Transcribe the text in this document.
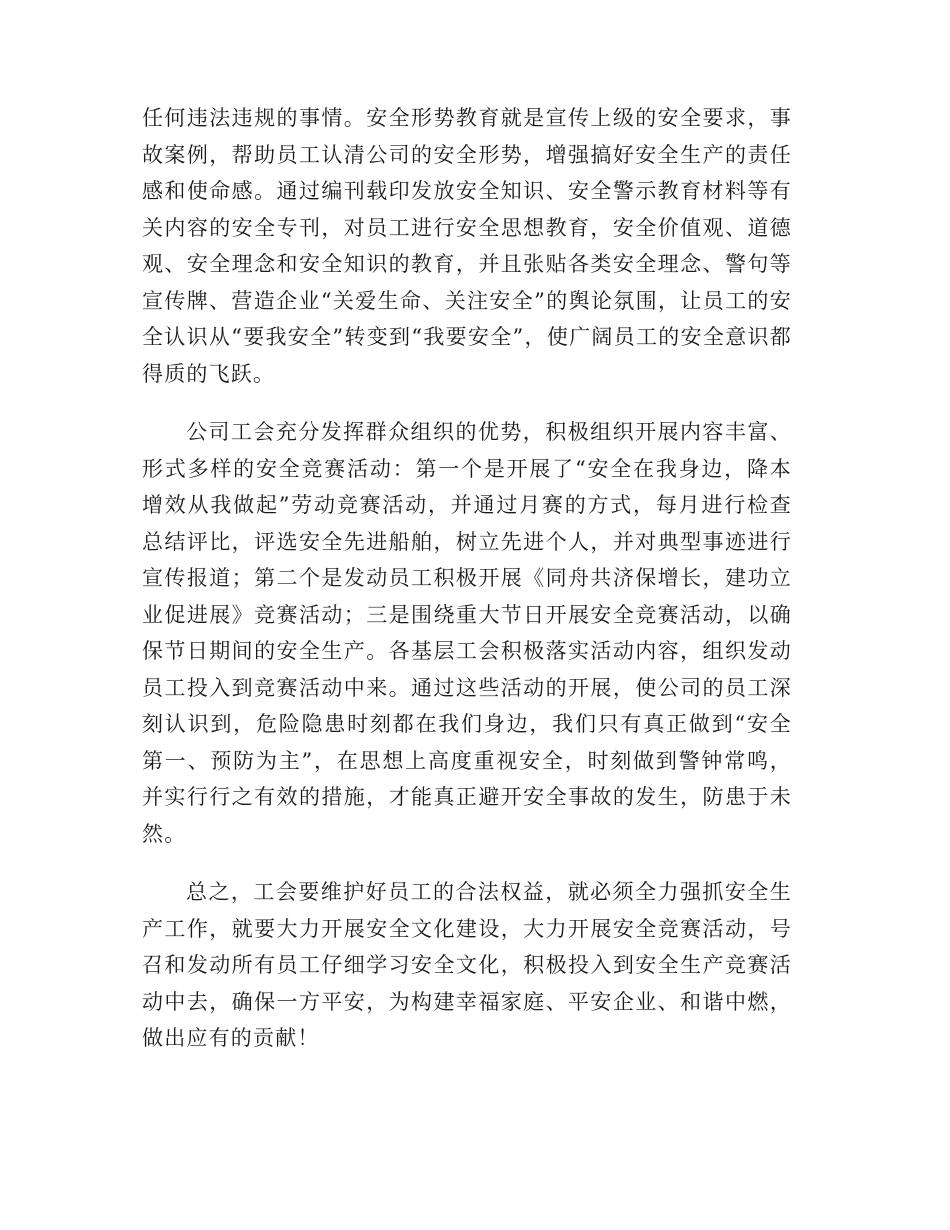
任何违法违规的事情。安全形势教育就是宣传上级的安全要求，事故案例，帮助员工认清公司的安全形势，增强搞好安全生产的责任感和使命感。通过编刊载印发放安全知识、安全警示教育材料等有关内容的安全专刊，对员工进行安全思想教育，安全价值观、道德观、安全理念和安全知识的教育，并且张贴各类安全理念、警句等宣传牌、营造企业“关爱生命、关注安全”的舆论氛围，让员工的安全认识从“要我安全”转变到“我要安全”，使广阔员工的安全意识都得质的飞跃。

公司工会充分发挥群众组织的优势，积极组织开展内容丰富、形式多样的安全竞赛活动：第一个是开展了“安全在我身边，降本增效从我做起”劳动竞赛活动，并通过月赛的方式，每月进行检查总结评比，评选安全先进船舶，树立先进个人，并对典型事迹进行宣传报道；第二个是发动员工积极开展《同舟共济保增长，建功立业促进展》竞赛活动；三是围绕重大节日开展安全竞赛活动，以确保节日期间的安全生产。各基层工会积极落实活动内容，组织发动员工投入到竞赛活动中来。通过这些活动的开展，使公司的员工深刻认识到，危险隐患时刻都在我们身边，我们只有真正做到“安全第一、预防为主”，在思想上高度重视安全，时刻做到警钟常鸣，并实行行之有效的措施，才能真正避开安全事故的发生，防患于未然。

总之，工会要维护好员工的合法权益，就必须全力强抓安全生产工作，就要大力开展安全文化建设，大力开展安全竞赛活动，号召和发动所有员工仔细学习安全文化，积极投入到安全生产竞赛活动中去，确保一方平安，为构建幸福家庭、平安企业、和谐中燃，做出应有的贡献！
